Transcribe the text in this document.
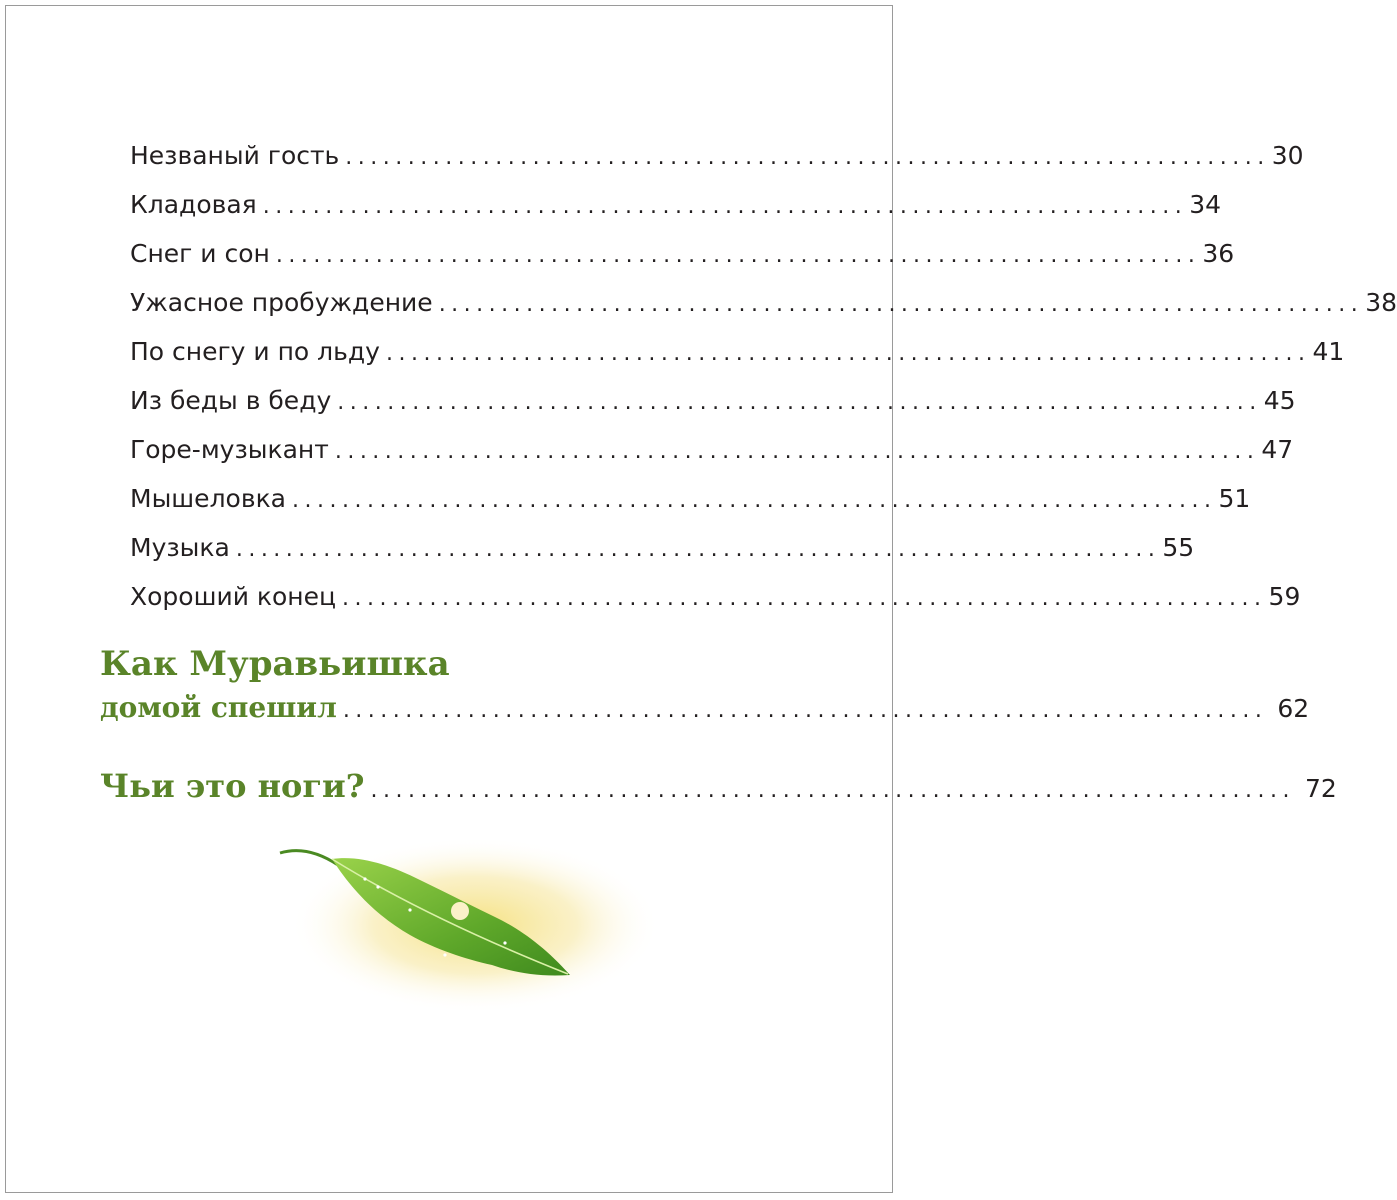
Незваный гость .......................................................................... 30
Кладовая .......................................................................... 34
Снег и сон .......................................................................... 36
Ужасное пробуждение .......................................................................... 38
По снегу и по льду .......................................................................... 41
Из беды в беду .......................................................................... 45
Горе-музыкант .......................................................................... 47
Мышеловка .......................................................................... 51
Музыка .......................................................................... 55
Хороший конец .......................................................................... 59
Как Муравьишка
домой спешил .......................................................................... 62
Чьи это ноги? .......................................................................... 72
